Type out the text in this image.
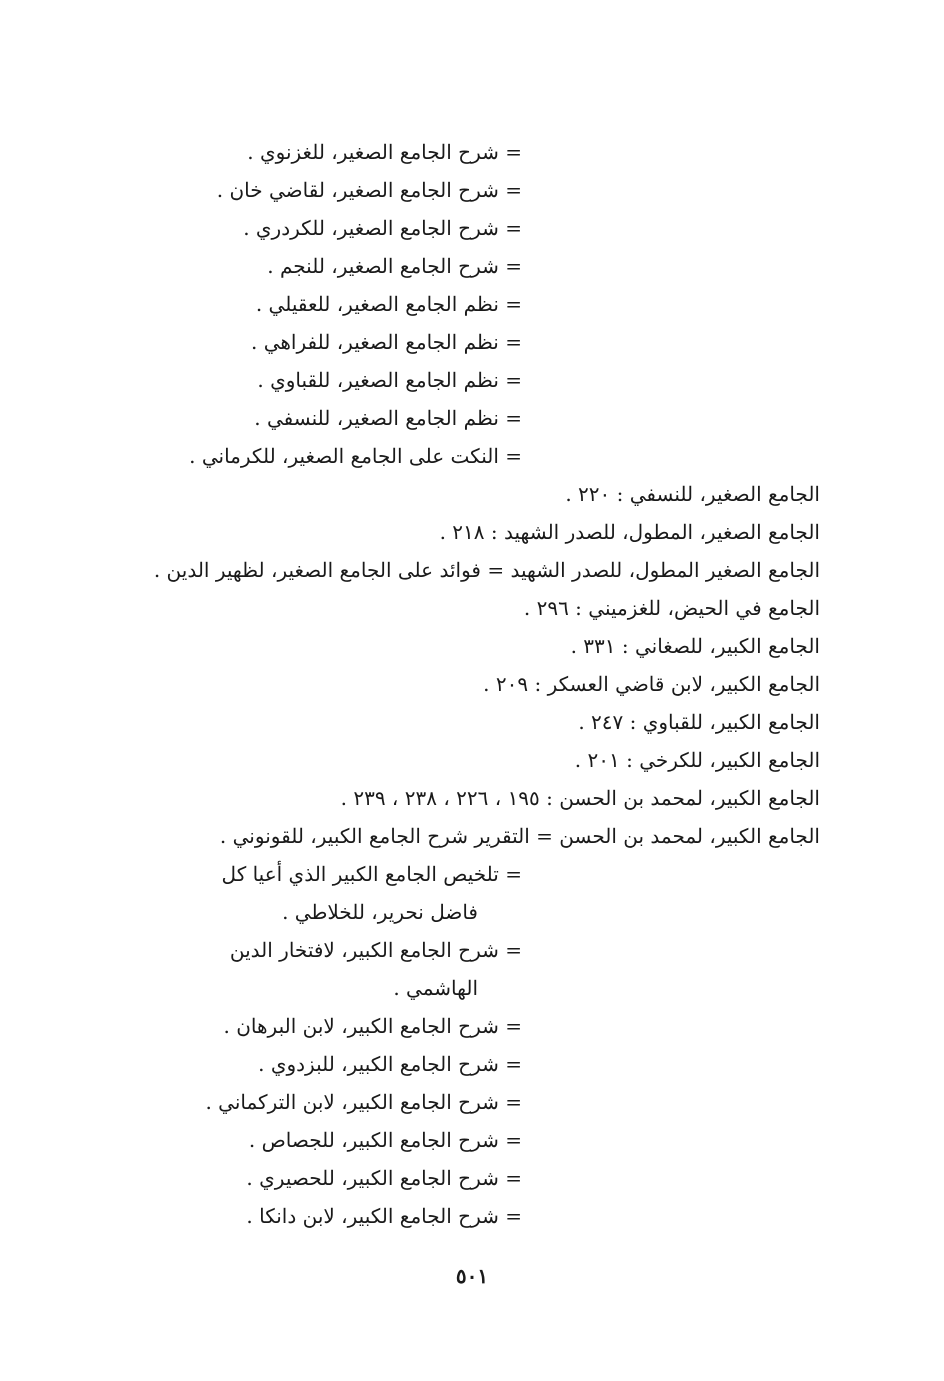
= شرح الجامع الصغير، للغزنوي .
= شرح الجامع الصغير، لقاضي خان .
= شرح الجامع الصغير، للكردري .
= شرح الجامع الصغير، للنجم .
= نظم الجامع الصغير، للعقيلي .
= نظم الجامع الصغير، للفراهي .
= نظم الجامع الصغير، للقباوي .
= نظم الجامع الصغير، للنسفي .
= النكت على الجامع الصغير، للكرماني .
الجامع الصغير، للنسفي : ٢٢٠ .
الجامع الصغير، المطول، للصدر الشهيد : ٢١٨ .
الجامع الصغير المطول، للصدر الشهيد = فوائد على الجامع الصغير، لظهير الدين .
الجامع في الحيض، للغزميني : ٢٩٦ .
الجامع الكبير، للصغاني : ٣٣١ .
الجامع الكبير، لابن قاضي العسكر : ٢٠٩ .
الجامع الكبير، للقباوي : ٢٤٧ .
الجامع الكبير، للكرخي : ٢٠١ .
الجامع الكبير، لمحمد بن الحسن : ١٩٥ ، ٢٢٦ ، ٢٣٨ ، ٢٣٩ .
الجامع الكبير، لمحمد بن الحسن = التقرير شرح الجامع الكبير، للقونوني .
= تلخيص الجامع الكبير الذي أعيا كل
فاضل نحرير، للخلاطي .
= شرح الجامع الكبير، لافتخار الدين
الهاشمي .
= شرح الجامع الكبير، لابن البرهان .
= شرح الجامع الكبير، للبزدوي .
= شرح الجامع الكبير، لابن التركماني .
= شرح الجامع الكبير، للجصاص .
= شرح الجامع الكبير، للحصيري .
= شرح الجامع الكبير، لابن دانكا .
٥٠١
